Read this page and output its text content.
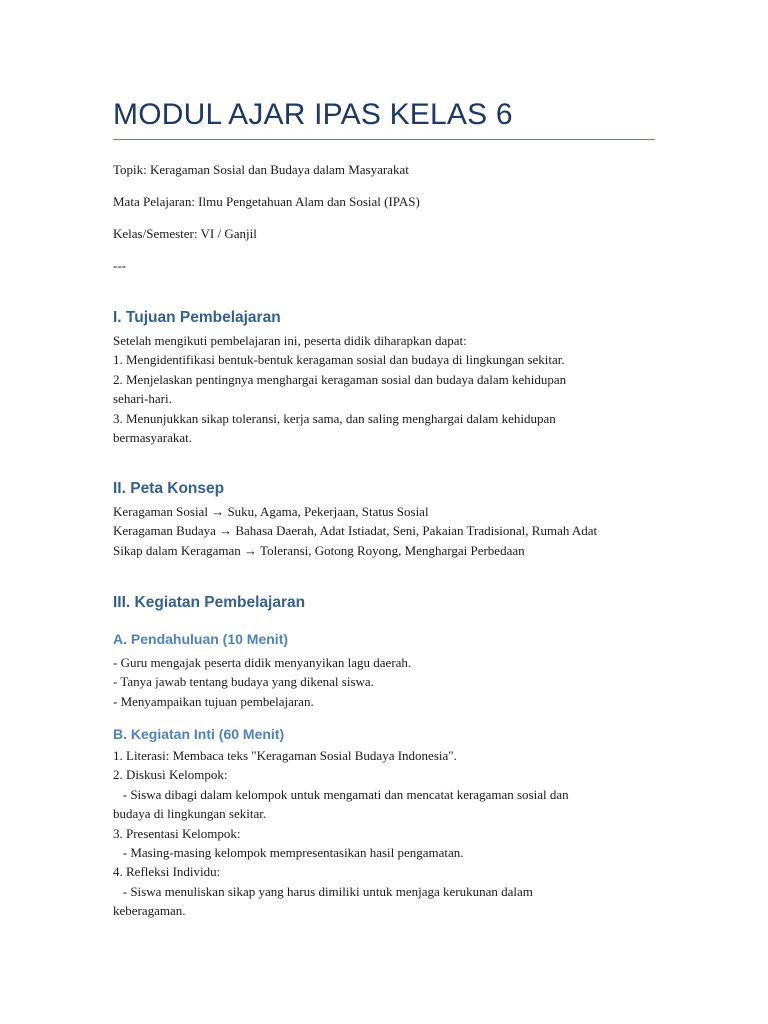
MODUL AJAR IPAS KELAS 6

Topik: Keragaman Sosial dan Budaya dalam Masyarakat

Mata Pelajaran: Ilmu Pengetahuan Alam dan Sosial (IPAS)

Kelas/Semester: VI / Ganjil

---

I. Tujuan Pembelajaran
Setelah mengikuti pembelajaran ini, peserta didik diharapkan dapat:
1. Mengidentifikasi bentuk-bentuk keragaman sosial dan budaya di lingkungan sekitar.
2. Menjelaskan pentingnya menghargai keragaman sosial dan budaya dalam kehidupan
sehari-hari.
3. Menunjukkan sikap toleransi, kerja sama, dan saling menghargai dalam kehidupan
bermasyarakat.
II. Peta Konsep
Keragaman Sosial → Suku, Agama, Pekerjaan, Status Sosial
Keragaman Budaya → Bahasa Daerah, Adat Istiadat, Seni, Pakaian Tradisional, Rumah Adat
Sikap dalam Keragaman → Toleransi, Gotong Royong, Menghargai Perbedaan
III. Kegiatan Pembelajaran
A. Pendahuluan (10 Menit)
- Guru mengajak peserta didik menyanyikan lagu daerah.
- Tanya jawab tentang budaya yang dikenal siswa.
- Menyampaikan tujuan pembelajaran.
B. Kegiatan Inti (60 Menit)
1. Literasi: Membaca teks "Keragaman Sosial Budaya Indonesia".
2. Diskusi Kelompok:
- Siswa dibagi dalam kelompok untuk mengamati dan mencatat keragaman sosial dan
budaya di lingkungan sekitar.
3. Presentasi Kelompok:
- Masing-masing kelompok mempresentasikan hasil pengamatan.
4. Refleksi Individu:
- Siswa menuliskan sikap yang harus dimiliki untuk menjaga kerukunan dalam
keberagaman.
